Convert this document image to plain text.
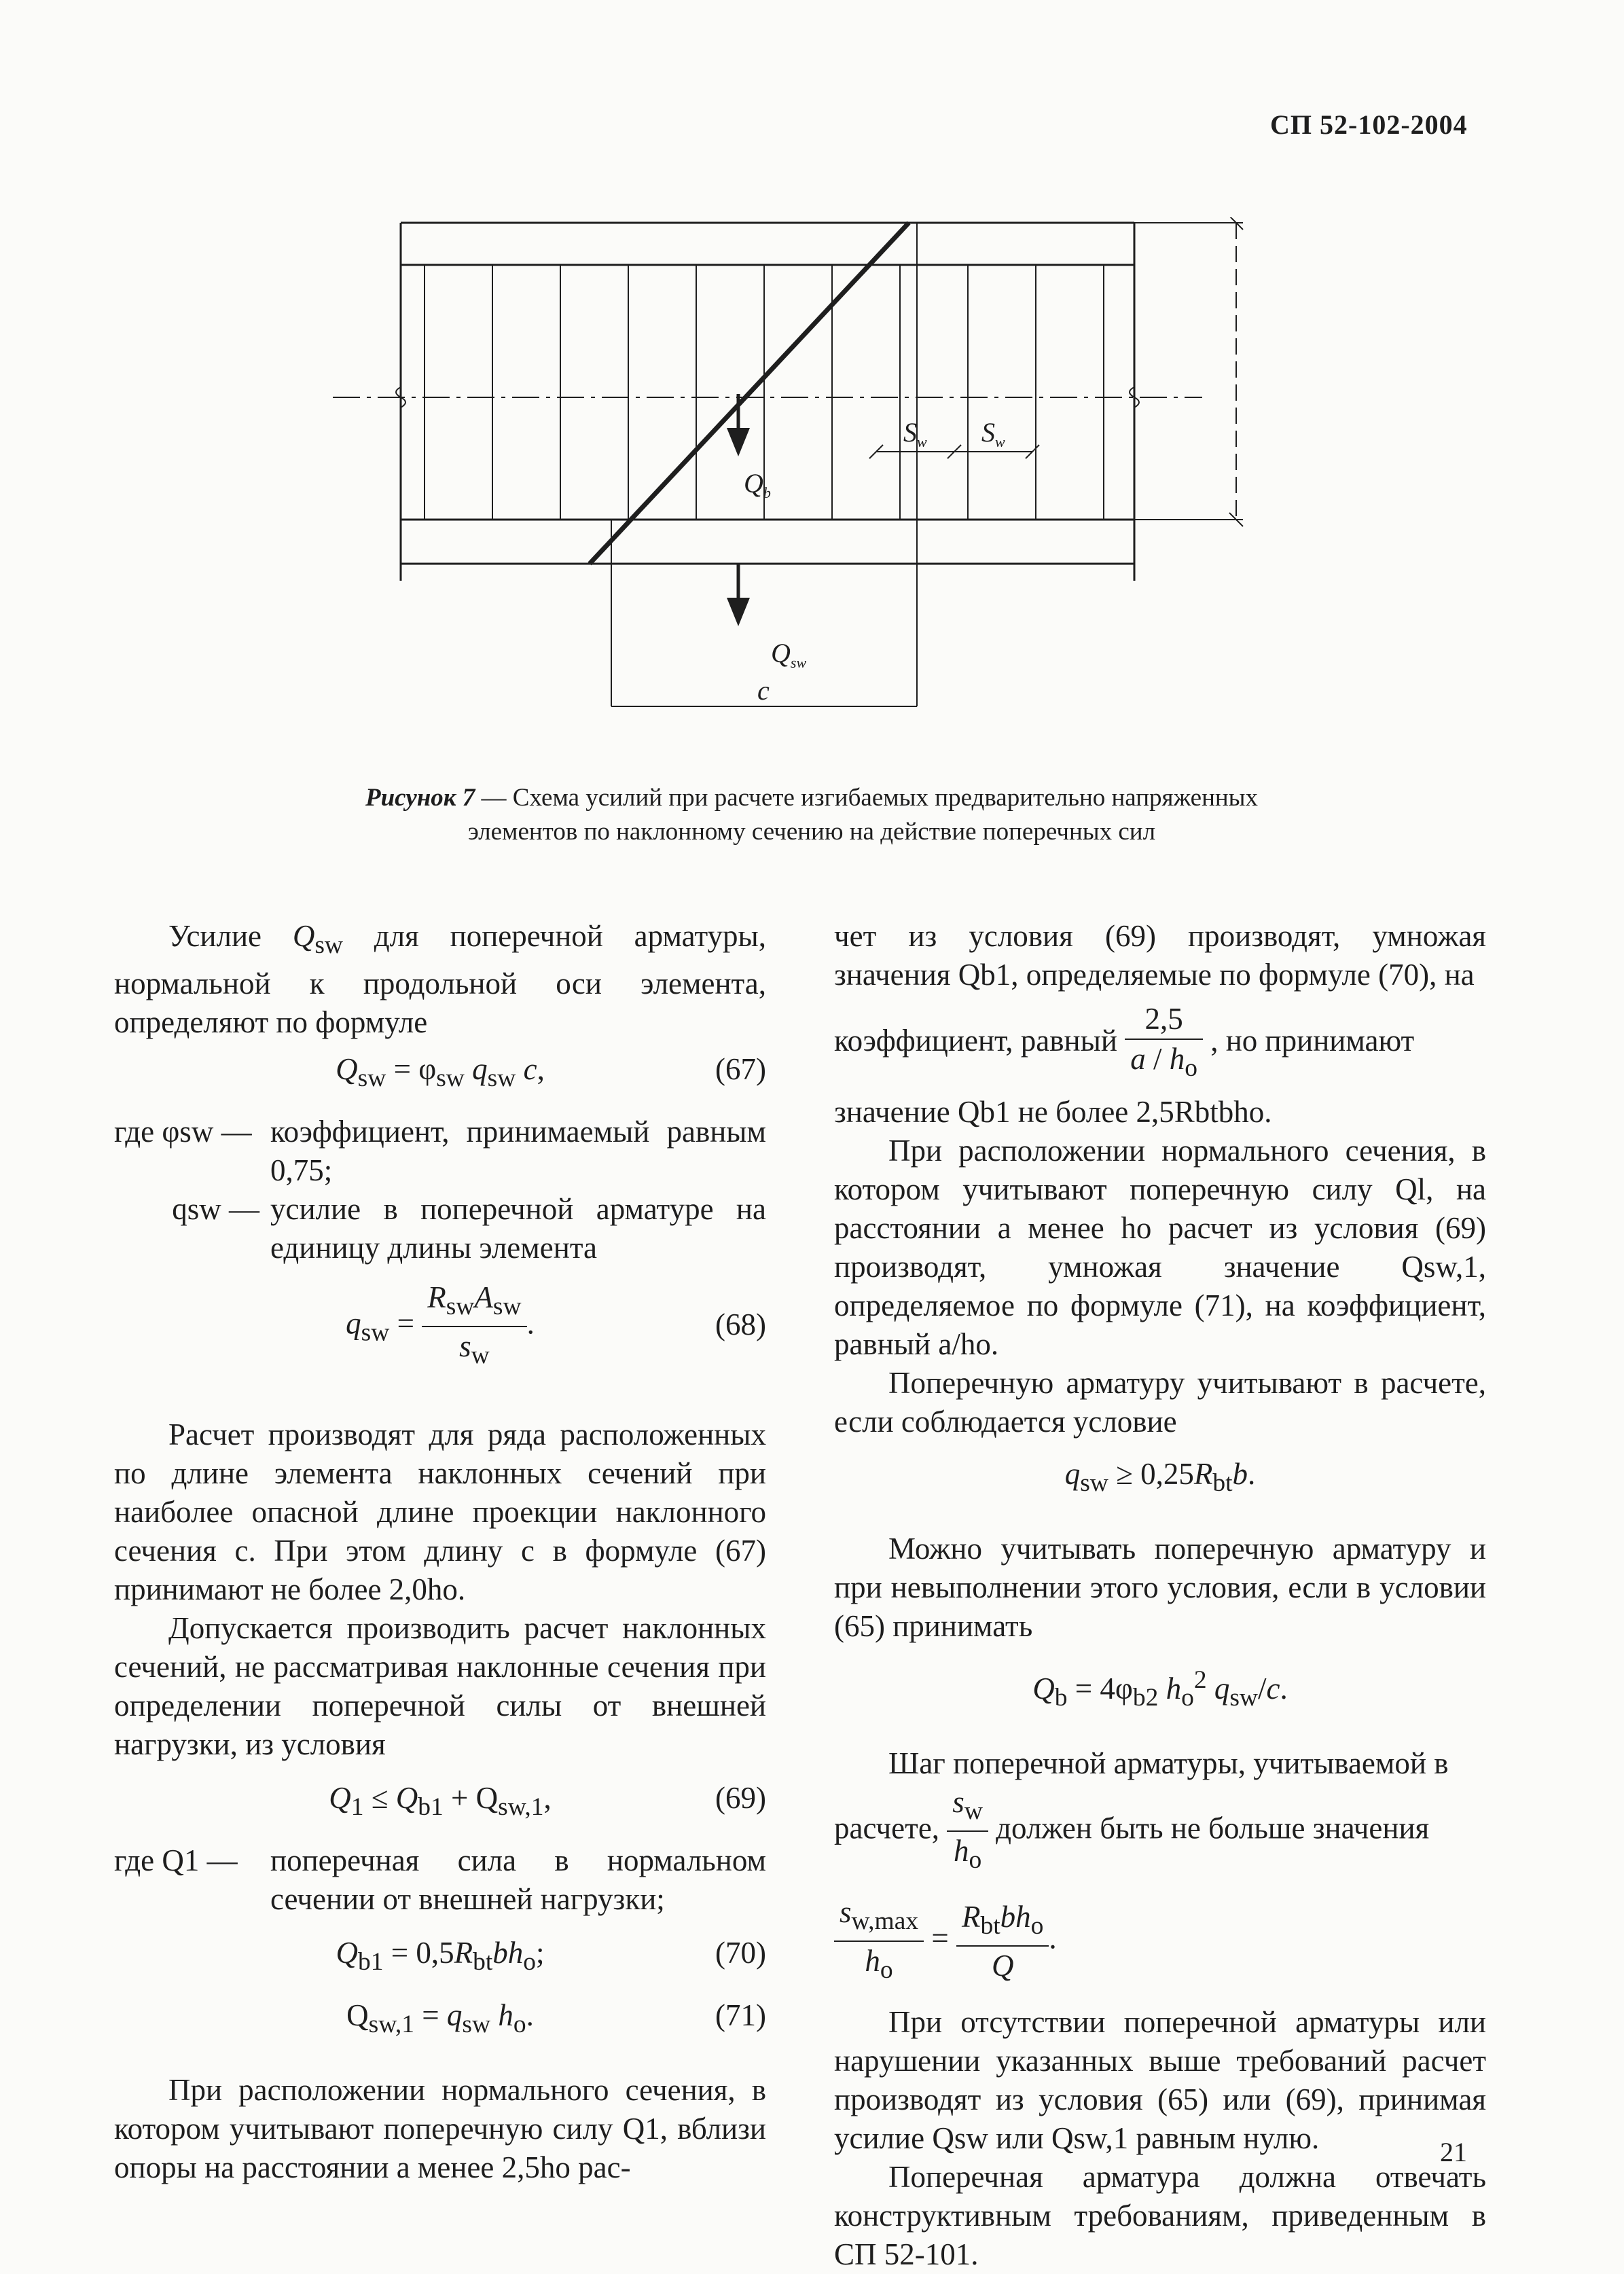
СП 52-102-2004
$S_w$ $S_w$
$Q_b$
$Q_{sw}$
c
Рисунок 7 — Схема усилий при расчете изгибаемых предварительно напряженных
элементов по наклонному сечению на действие поперечных сил

Усилие $Q_{sw}$ для поперечной арматуры, нормальной к продольной оси элемента, определяют по формуле

$Q_{sw} = \varphi_{sw}$ $q_{sw}$ c,	(67)
где φsw — коэффициент, принимаемый равным 0,75;
qsw — усилие в поперечной арматуре на единицу длины элемента
$q_{sw} = \frac{R_{sw}A_{sw}}{s_w}$ .	(68)

Расчет производят для ряда расположенных по длине элемента наклонных сечений при наиболее опасной длине проекции наклонного сечения c. При этом длину c в формуле (67) принимают не более 2,0ho.

Допускается производить расчет наклонных сечений, не рассматривая наклонные сечения при определении поперечной силы от внешней нагрузки, из условия

$Q_1 \le Q_{b1} + Q_{sw,1}$,	(69)
где Q1 —	поперечная сила в нормальном сечении от внешней нагрузки;
$Q_{b1} = 0,5R_{bt}bh_o$;	(70)
$Q_{sw,1} = q_{sw}$ $h_o$.	(71)

При расположении нормального сечения, в котором учитывают поперечную силу Q1, вблизи опоры на расстоянии a менее 2,5ho рас-

чет из условия (69) производят, умножая значения Qb1, определяемые по формуле (70), на

коэффициент, равный $\frac{2,5}{a / h_o}$ , но принимают

значение Qb1 не более 2,5Rbtbho.

При расположении нормального сечения, в котором учитывают поперечную силу Ql, на расстоянии a менее ho расчет из условия (69) производят, умножая значение Qsw,1, определяемое по формуле (71), на коэффициент, равный a/ho.

Поперечную арматуру учитывают в расчете, если соблюдается условие

$q_{sw} \ge 0,25R_{bt}b$.

Можно учитывать поперечную арматуру и при невыполнении этого условия, если в условии (65) принимать

$Q_b = 4\varphi_{b2}$ $h_o^2$ $q_{sw}/c$.

Шаг поперечной арматуры, учитываемой в

расчете, $\frac{s_w}{h_o}$ должен быть не больше значения

$\frac{s_{w,max}}{h_o} = \frac{R_{bt}bh_o}{Q}$ .

При отсутствии поперечной арматуры или нарушении указанных выше требований расчет производят из условия (65) или (69), принимая усилие Qsw или Qsw,1 равным нулю.

Поперечная арматура должна отвечать конструктивным требованиям, приведенным в СП 52-101.

21
